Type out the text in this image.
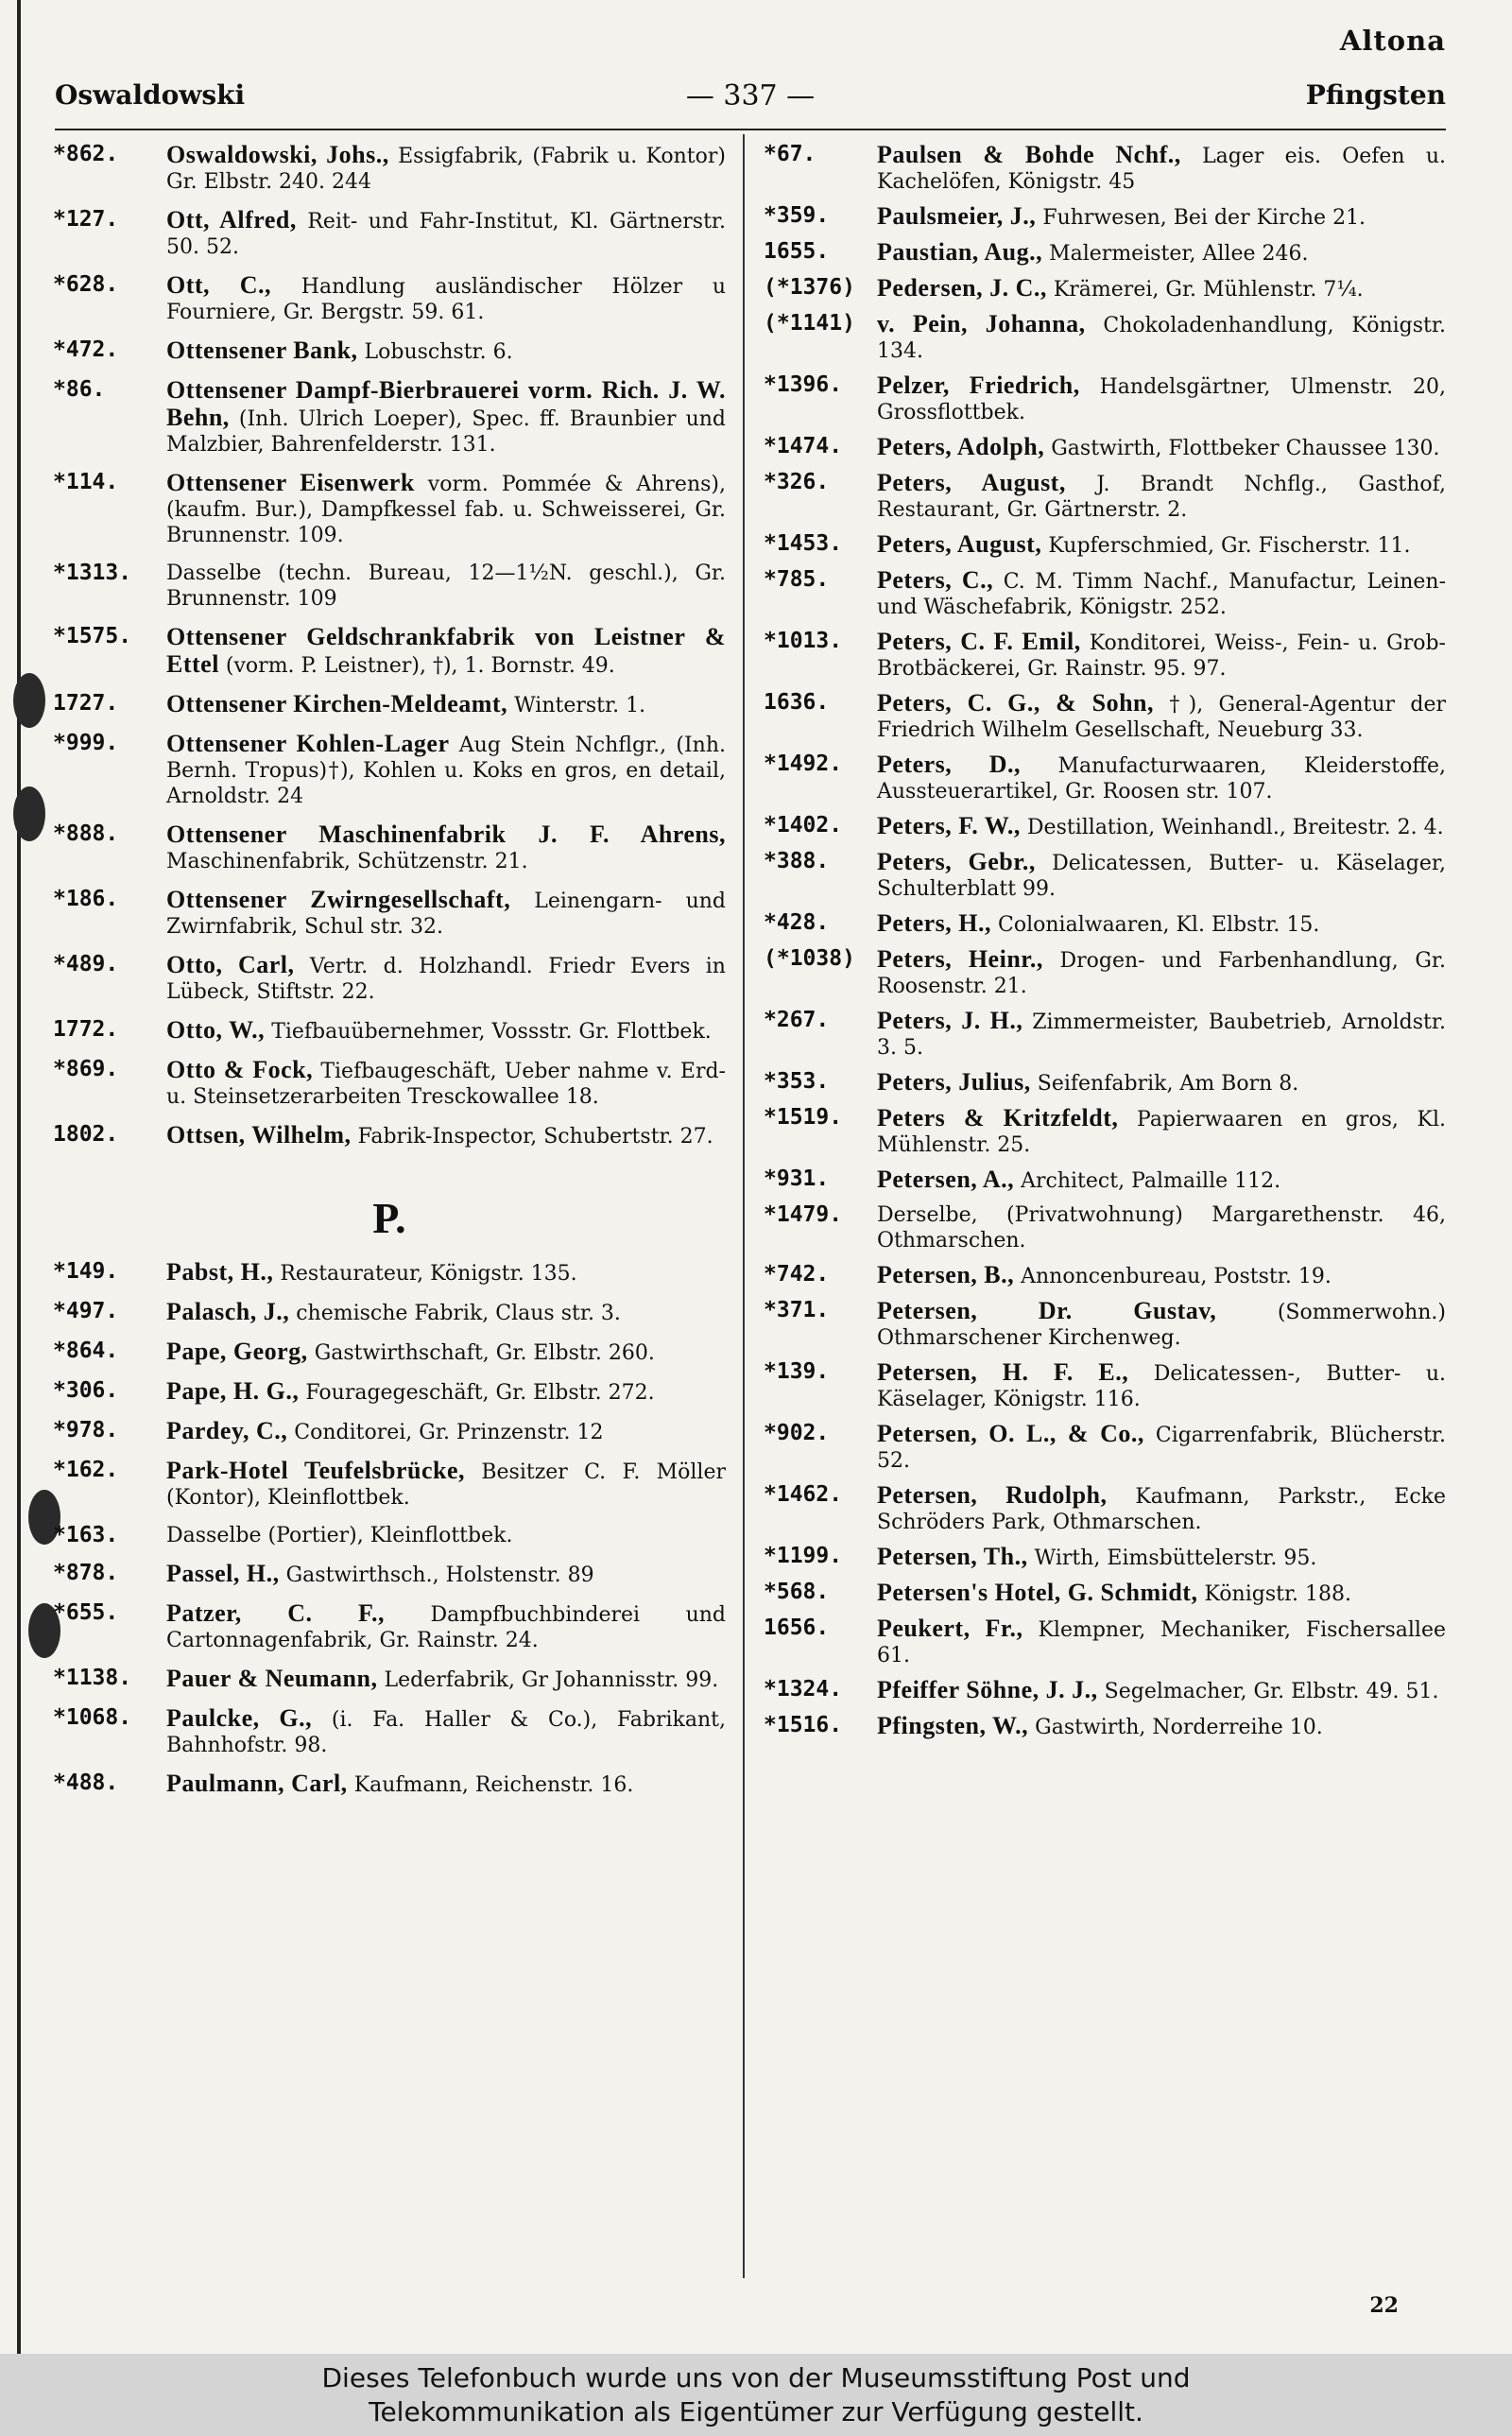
Altona
Oswaldowski	— 337 —	Pfingsten
*862.	Oswaldowski, Johs., Essigfabrik, (Fabrik u. Kontor) Gr. Elbstr. 240. 244
*127.	Ott, Alfred, Reit- und Fahr-Institut, Kl. Gärtnerstr. 50. 52.
*628.	Ott, C., Handlung ausländischer Hölzer u Fourniere, Gr. Bergstr. 59. 61.
*472.	Ottensener Bank, Lobuschstr. 6.
*86.	Ottensener Dampf-Bierbrauerei vorm. Rich. J. W. Behn, (Inh. Ulrich Loeper), Spec. ff. Braunbier und Malzbier, Bahrenfelderstr. 131.
*114.	Ottensener Eisenwerk vorm. Pommée & Ahrens), (kaufm. Bur.), Dampfkessel fab. u. Schweisserei, Gr. Brunnenstr. 109.
*1313.	Dasselbe (techn. Bureau, 12—1½N. geschl.), Gr. Brunnenstr. 109
*1575.	Ottensener Geldschrankfabrik von Leistner & Ettel (vorm. P. Leistner), †), 1. Bornstr. 49.
1727.	Ottensener Kirchen-Meldeamt, Winterstr. 1.
*999.	Ottensener Kohlen-Lager Aug Stein Nchflgr., (Inh. Bernh. Tropus)†), Kohlen u. Koks en gros, en detail, Arnoldstr. 24
*888.	Ottensener Maschinenfabrik J. F. Ahrens, Maschinenfabrik, Schützenstr. 21.
*186.	Ottensener Zwirngesellschaft, Leinengarn- und Zwirnfabrik, Schul str. 32.
*489.	Otto, Carl, Vertr. d. Holzhandl. Friedr Evers in Lübeck, Stiftstr. 22.
1772.	Otto, W., Tiefbauübernehmer, Vossstr. Gr. Flottbek.
*869.	Otto & Fock, Tiefbaugeschäft, Ueber nahme v. Erd- u. Steinsetzerarbeiten Tresckowallee 18.
1802.	Ottsen, Wilhelm, Fabrik-Inspector, Schubertstr. 27.
P.
*149.	Pabst, H., Restaurateur, Königstr. 135.
*497.	Palasch, J., chemische Fabrik, Claus str. 3.
*864.	Pape, Georg, Gastwirthschaft, Gr. Elbstr. 260.
*306.	Pape, H. G., Fouragegeschäft, Gr. Elbstr. 272.
*978.	Pardey, C., Conditorei, Gr. Prinzenstr. 12
*162.	Park-Hotel Teufelsbrücke, Besitzer C. F. Möller (Kontor), Kleinflottbek.
*163.	Dasselbe (Portier), Kleinflottbek.
*878.	Passel, H., Gastwirthsch., Holstenstr. 89
*655.	Patzer, C. F., Dampfbuchbinderei und Cartonnagenfabrik, Gr. Rainstr. 24.
*1138.	Pauer & Neumann, Lederfabrik, Gr Johannisstr. 99.
*1068.	Paulcke, G., (i. Fa. Haller & Co.), Fabrikant, Bahnhofstr. 98.
*488.	Paulmann, Carl, Kaufmann, Reichenstr. 16.
*67.	Paulsen & Bohde Nchf., Lager eis. Oefen u. Kachelöfen, Königstr. 45
*359.	Paulsmeier, J., Fuhrwesen, Bei der Kirche 21.
1655.	Paustian, Aug., Malermeister, Allee 246.
(*1376) Pedersen, J. C., Krämerei, Gr. Mühlenstr. 7¼.
(*1141) v. Pein, Johanna, Chokoladenhandlung, Königstr. 134.
*1396.	Pelzer, Friedrich, Handelsgärtner, Ulmenstr. 20, Grossflottbek.
*1474.	Peters, Adolph, Gastwirth, Flottbeker Chaussee 130.
*326.	Peters, August, J. Brandt Nchflg., Gasthof, Restaurant, Gr. Gärtnerstr. 2.
*1453.	Peters, August, Kupferschmied, Gr. Fischerstr. 11.
*785.	Peters, C., C. M. Timm Nachf., Manufactur, Leinen- und Wäschefabrik, Königstr. 252.
*1013.	Peters, C. F. Emil, Konditorei, Weiss-, Fein- u. Grob-Brotbäckerei, Gr. Rainstr. 95. 97.
1636.	Peters, C. G., & Sohn, †), General-Agentur der Friedrich Wilhelm Gesellschaft, Neueburg 33.
*1492.	Peters, D., Manufacturwaaren, Kleiderstoffe, Aussteuerartikel, Gr. Roosen str. 107.
*1402.	Peters, F. W., Destillation, Weinhandl., Breitestr. 2. 4.
*388.	Peters, Gebr., Delicatessen, Butter- u. Käselager, Schulterblatt 99.
*428.	Peters, H., Colonialwaaren, Kl. Elbstr. 15.
(*1038) Peters, Heinr., Drogen- und Farbenhandlung, Gr. Roosenstr. 21.
*267.	Peters, J. H., Zimmermeister, Baubetrieb, Arnoldstr. 3. 5.
*353.	Peters, Julius, Seifenfabrik, Am Born 8.
*1519.	Peters & Kritzfeldt, Papierwaaren en gros, Kl. Mühlenstr. 25.
*931.	Petersen, A., Architect, Palmaille 112.
*1479.	Derselbe, (Privatwohnung) Margarethenstr. 46, Othmarschen.
*742.	Petersen, B., Annoncenbureau, Poststr. 19.
*371.	Petersen, Dr. Gustav,	(Sommerwohn.) Othmarschener Kirchenweg.
*139.	Petersen, H. F. E., Delicatessen-, Butter- u. Käselager, Königstr. 116.
*902.	Petersen, O. L., & Co., Cigarrenfabrik, Blücherstr. 52.
*1462.	Petersen, Rudolph, Kaufmann, Parkstr., Ecke Schröders Park, Othmarschen.
*1199.	Petersen, Th., Wirth, Eimsbüttelerstr. 95.
*568.	Petersen's Hotel, G. Schmidt, Königstr. 188.
1656.	Peukert, Fr., Klempner, Mechaniker, Fischersallee 61.
*1324.	Pfeiffer Söhne, J. J., Segelmacher, Gr. Elbstr. 49. 51.
*1516.	Pfingsten, W., Gastwirth, Norderreihe 10.
22
Dieses Telefonbuch wurde uns von der Museumsstiftung Post und
Telekommunikation als Eigentümer zur Verfügung gestellt.
